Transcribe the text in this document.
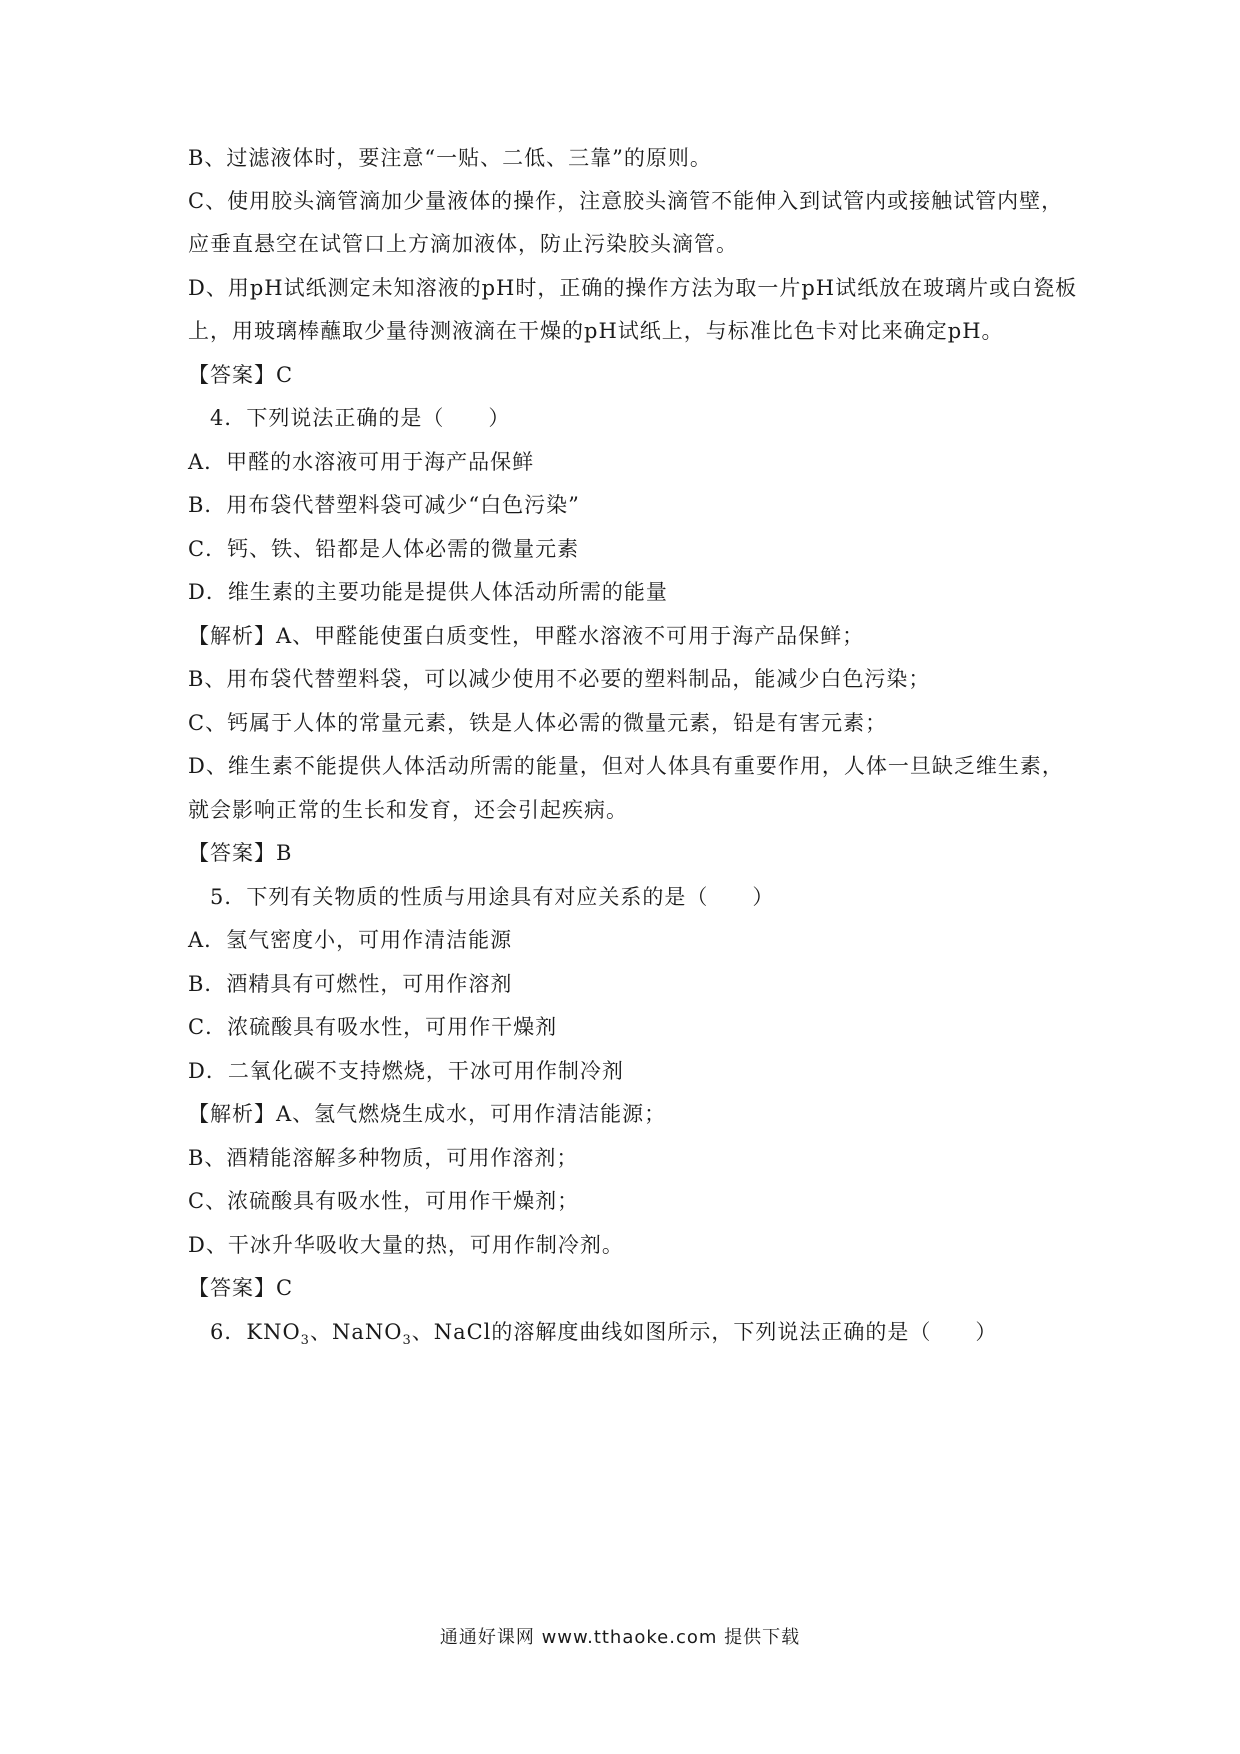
B、过滤液体时，要注意“一贴、二低、三靠”的原则。
C、使用胶头滴管滴加少量液体的操作，注意胶头滴管不能伸入到试管内或接触试管内壁，
应垂直悬空在试管口上方滴加液体，防止污染胶头滴管。
D、用pH试纸测定未知溶液的pH时，正确的操作方法为取一片pH试纸放在玻璃片或白瓷板
上，用玻璃棒蘸取少量待测液滴在干燥的pH试纸上，与标准比色卡对比来确定pH。
【答案】C
4．下列说法正确的是（　　）
A．甲醛的水溶液可用于海产品保鲜
B．用布袋代替塑料袋可减少“白色污染”
C．钙、铁、铅都是人体必需的微量元素
D．维生素的主要功能是提供人体活动所需的能量
【解析】A、甲醛能使蛋白质变性，甲醛水溶液不可用于海产品保鲜；
B、用布袋代替塑料袋，可以减少使用不必要的塑料制品，能减少白色污染；
C、钙属于人体的常量元素，铁是人体必需的微量元素，铅是有害元素；
D、维生素不能提供人体活动所需的能量，但对人体具有重要作用，人体一旦缺乏维生素，
就会影响正常的生长和发育，还会引起疾病。
【答案】B
5．下列有关物质的性质与用途具有对应关系的是（　　）
A．氢气密度小，可用作清洁能源
B．酒精具有可燃性，可用作溶剂
C．浓硫酸具有吸水性，可用作干燥剂
D．二氧化碳不支持燃烧，干冰可用作制冷剂
【解析】A、氢气燃烧生成水，可用作清洁能源；
B、酒精能溶解多种物质，可用作溶剂；
C、浓硫酸具有吸水性，可用作干燥剂；
D、干冰升华吸收大量的热，可用作制冷剂。
【答案】C
6．$KNO_3$、NaNO$_3$、NaCl的溶解度曲线如图所示，下列说法正确的是（　　）
通通好课网 www.tthaoke.com 提供下载
